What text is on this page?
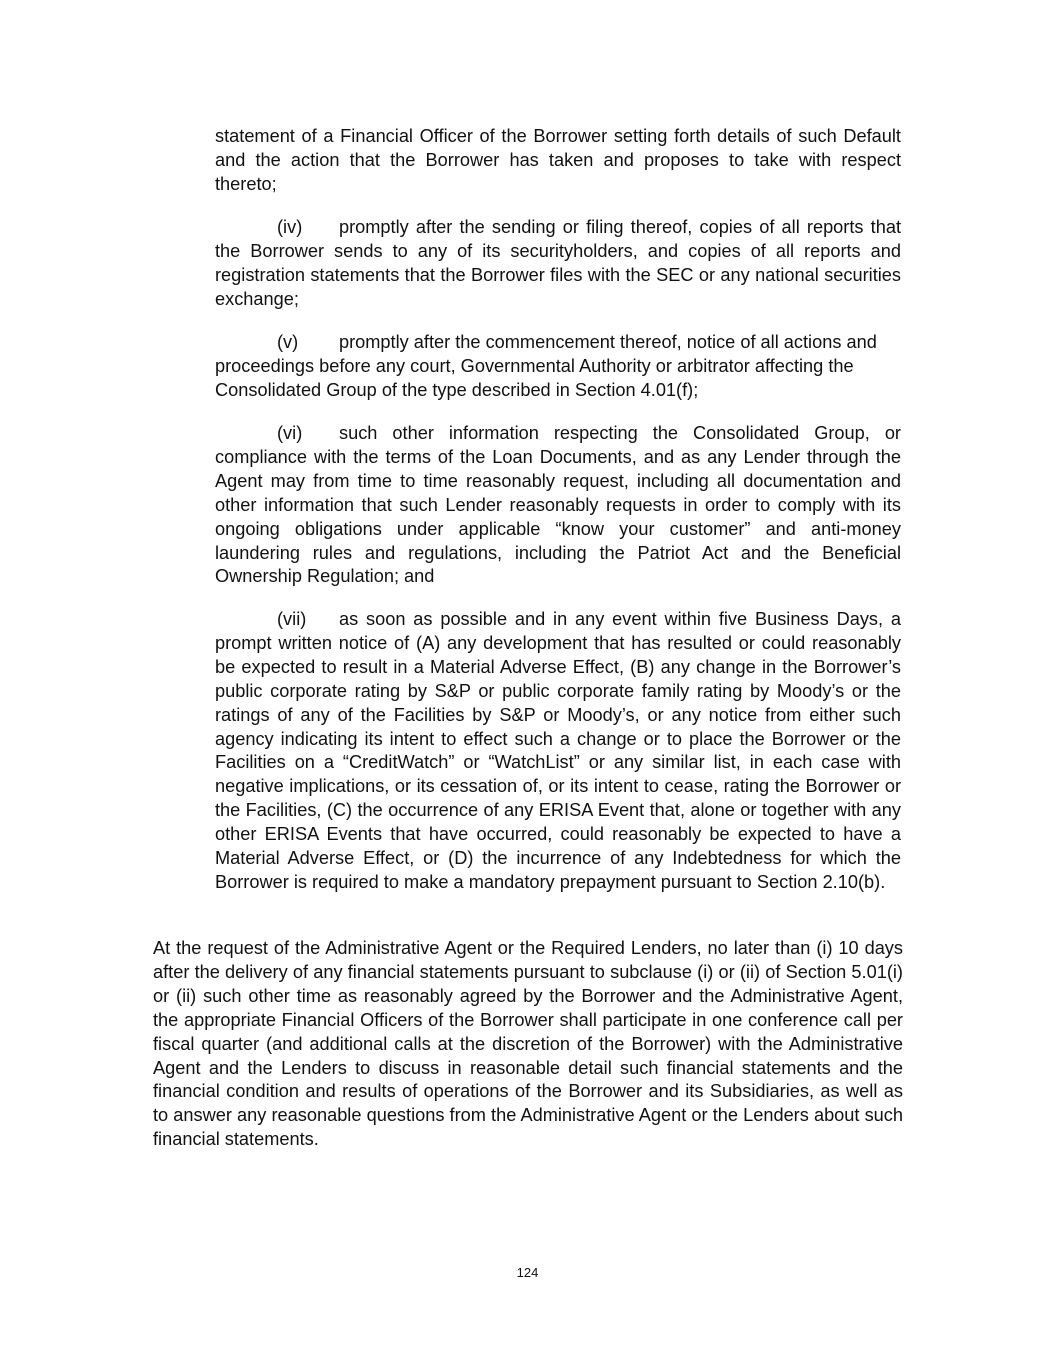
statement of a Financial Officer of the Borrower setting forth details of such Default and the action that the Borrower has taken and proposes to take with respect thereto;

(iv) promptly after the sending or filing thereof, copies of all reports that the Borrower sends to any of its securityholders, and copies of all reports and registration statements that the Borrower files with the SEC or any national securities exchange;
(v) promptly after the commencement thereof, notice of all actions and proceedings before any court, Governmental Authority or arbitrator affecting the Consolidated Group of the type described in Section 4.01(f);
(vi) such other information respecting the Consolidated Group, or compliance with the terms of the Loan Documents, and as any Lender through the Agent may from time to time reasonably request, including all documentation and other information that such Lender reasonably requests in order to comply with its ongoing obligations under applicable “know your customer” and anti-money laundering rules and regulations, including the Patriot Act and the Beneficial Ownership Regulation; and
(vii) as soon as possible and in any event within five Business Days, a prompt written notice of (A) any development that has resulted or could reasonably be expected to result in a Material Adverse Effect, (B) any change in the Borrower’s public corporate rating by S&P or public corporate family rating by Moody’s or the ratings of any of the Facilities by S&P or Moody’s, or any notice from either such agency indicating its intent to effect such a change or to place the Borrower or the Facilities on a “CreditWatch” or “WatchList” or any similar list, in each case with negative implications, or its cessation of, or its intent to cease, rating the Borrower or the Facilities, (C) the occurrence of any ERISA Event that, alone or together with any other ERISA Events that have occurred, could reasonably be expected to have a Material Adverse Effect, or (D) the incurrence of any Indebtedness for which the Borrower is required to make a mandatory prepayment pursuant to Section 2.10(b).

At the request of the Administrative Agent or the Required Lenders, no later than (i) 10 days after the delivery of any financial statements pursuant to subclause (i) or (ii) of Section 5.01(i) or (ii) such other time as reasonably agreed by the Borrower and the Administrative Agent, the appropriate Financial Officers of the Borrower shall participate in one conference call per fiscal quarter (and additional calls at the discretion of the Borrower) with the Administrative Agent and the Lenders to discuss in reasonable detail such financial statements and the financial condition and results of operations of the Borrower and its Subsidiaries, as well as to answer any reasonable questions from the Administrative Agent or the Lenders about such financial statements.

124
